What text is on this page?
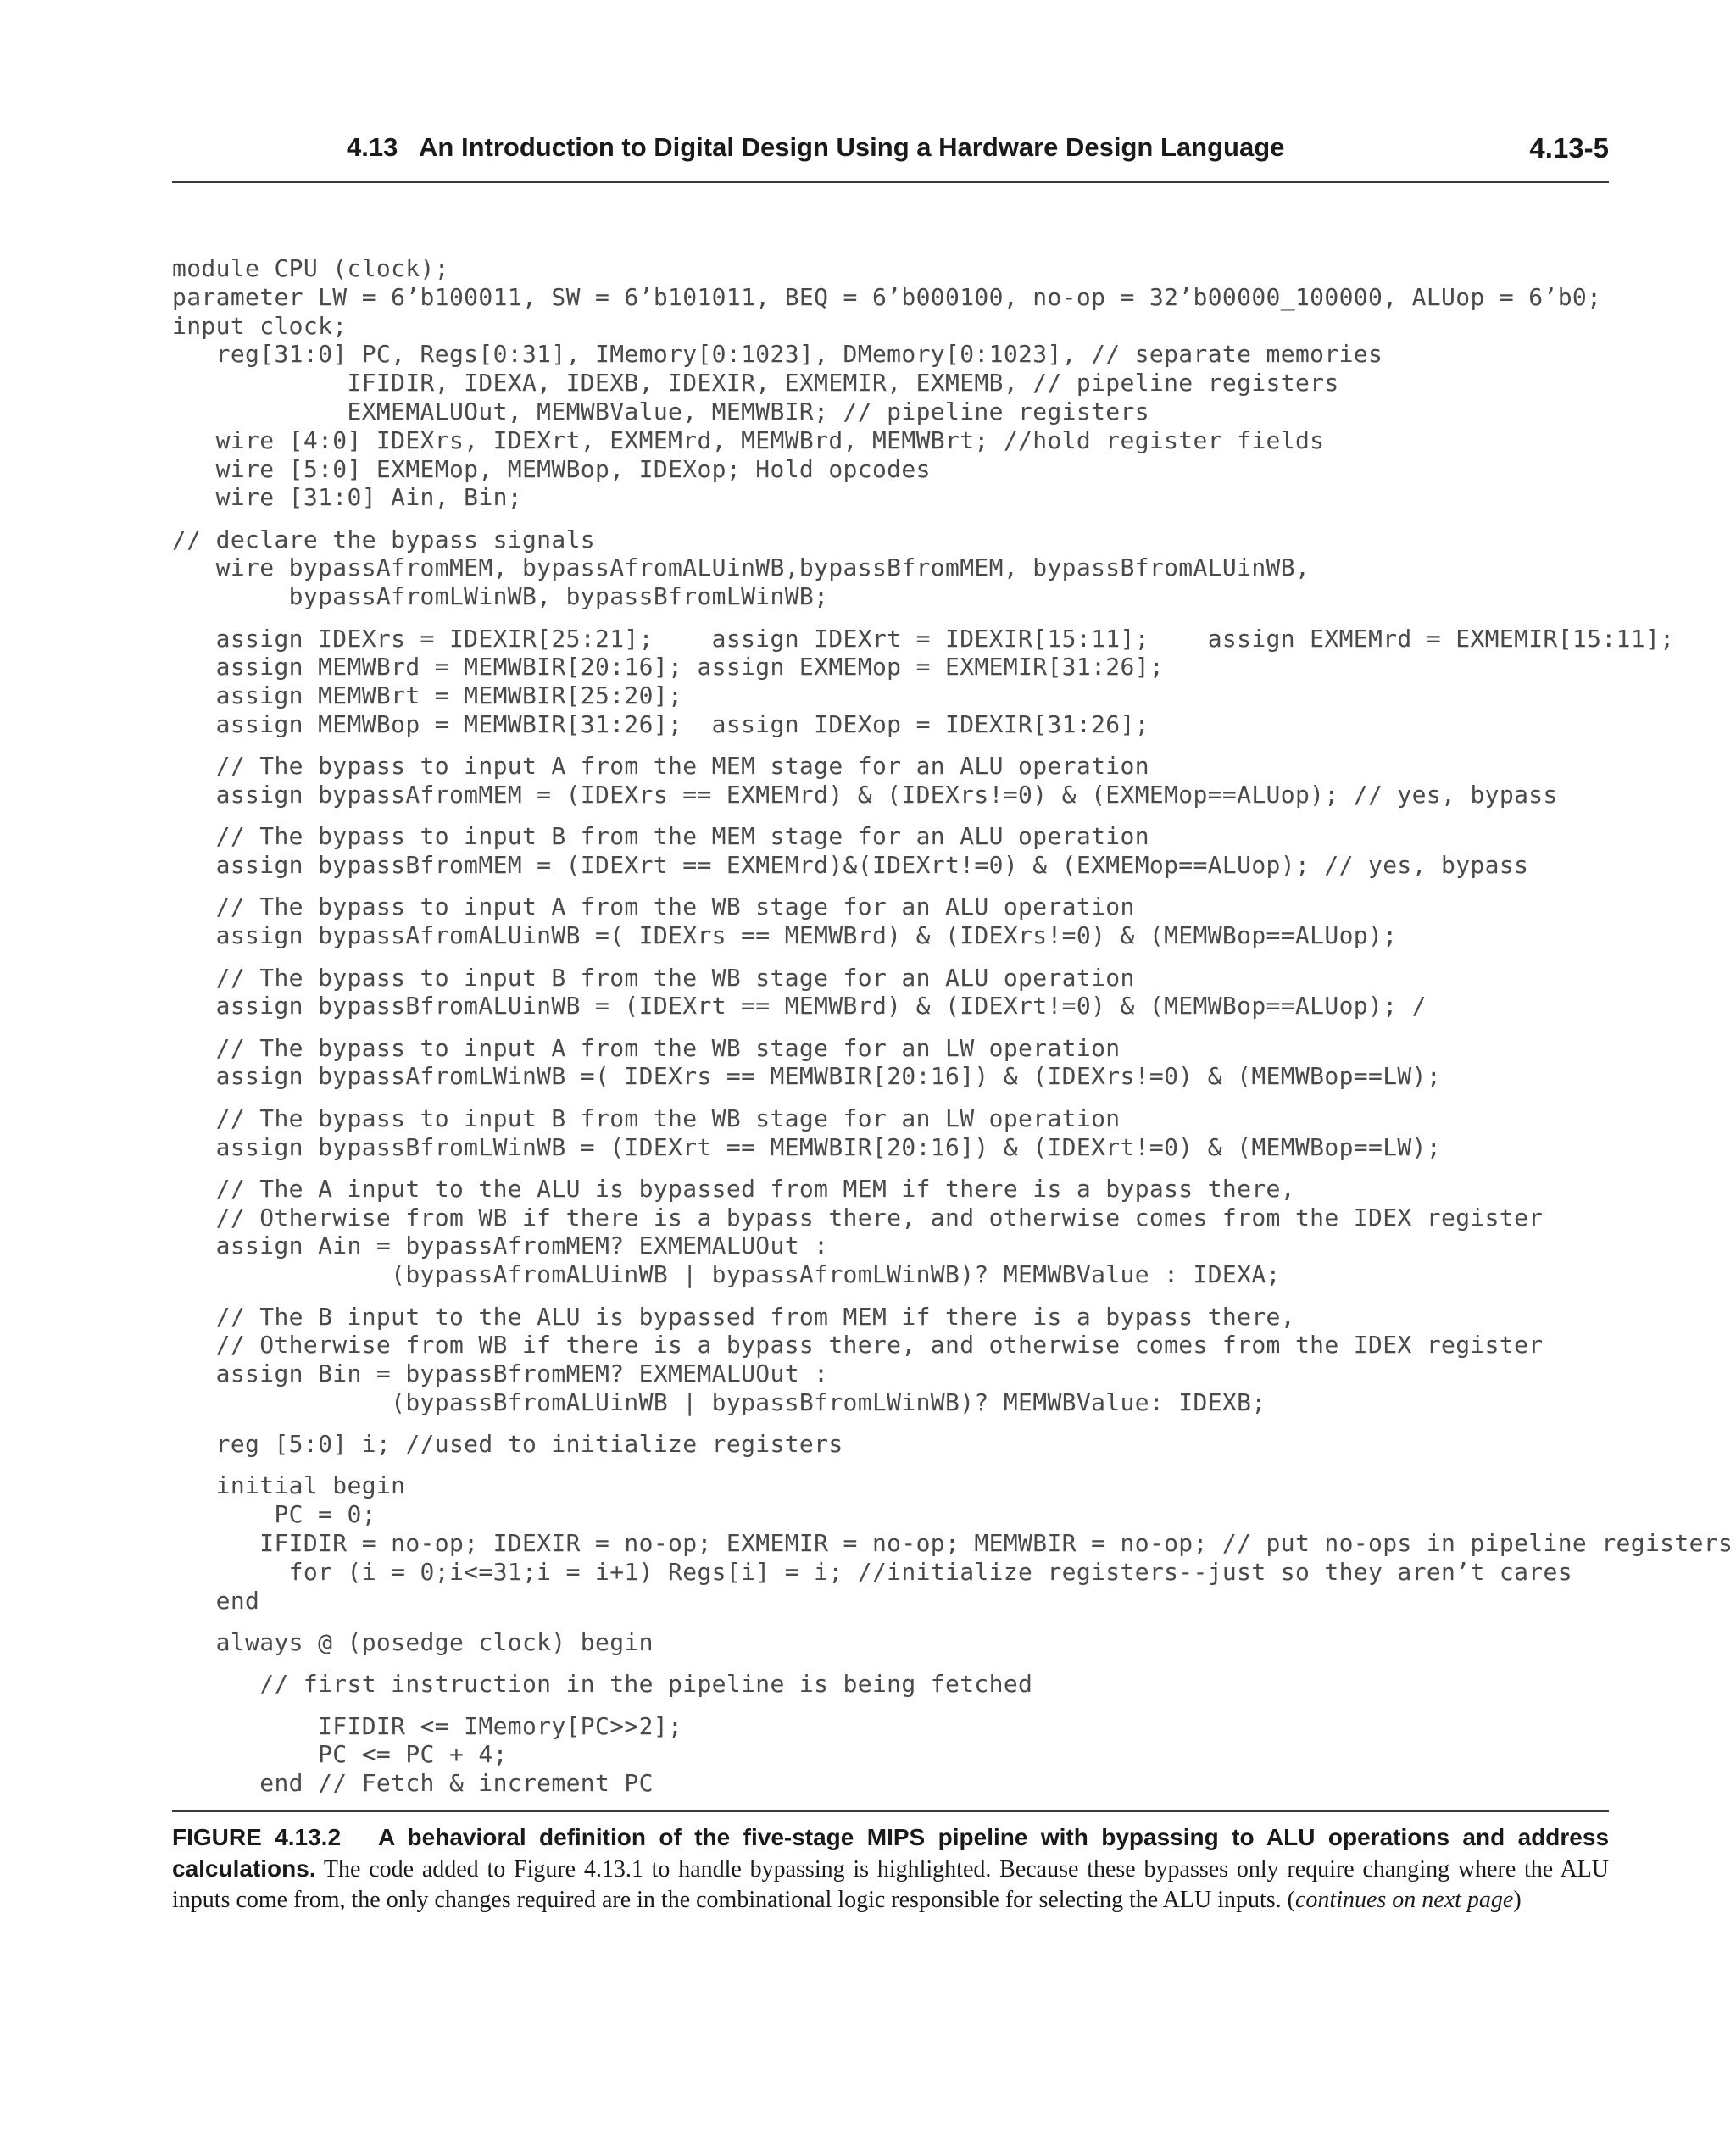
4.13   An Introduction to Digital Design Using a Hardware Design Language	4.13-5
module CPU (clock);
parameter LW = 6’b100011, SW = 6’b101011, BEQ = 6’b000100, no-op = 32’b00000_100000, ALUop = 6’b0;
input clock;
reg[31:0] PC, Regs[0:31], IMemory[0:1023], DMemory[0:1023], // separate memories
IFIDIR, IDEXA, IDEXB, IDEXIR, EXMEMIR, EXMEMB, // pipeline registers
EXMEMALUOut, MEMWBValue, MEMWBIR; // pipeline registers
wire [4:0] IDEXrs, IDEXrt, EXMEMrd, MEMWBrd, MEMWBrt; //hold register fields
wire [5:0] EXMEMop, MEMWBop, IDEXop; Hold opcodes
wire [31:0] Ain, Bin;
// declare the bypass signals
wire bypassAfromMEM, bypassAfromALUinWB,bypassBfromMEM, bypassBfromALUinWB,
bypassAfromLWinWB, bypassBfromLWinWB;
assign IDEXrs = IDEXIR[25:21];    assign IDEXrt = IDEXIR[15:11];    assign EXMEMrd = EXMEMIR[15:11];
assign MEMWBrd = MEMWBIR[20:16]; assign EXMEMop = EXMEMIR[31:26];
assign MEMWBrt = MEMWBIR[25:20];
assign MEMWBop = MEMWBIR[31:26];  assign IDEXop = IDEXIR[31:26];
// The bypass to input A from the MEM stage for an ALU operation
assign bypassAfromMEM = (IDEXrs == EXMEMrd) & (IDEXrs!=0) & (EXMEMop==ALUop); // yes, bypass
// The bypass to input B from the MEM stage for an ALU operation
assign bypassBfromMEM = (IDEXrt == EXMEMrd)&(IDEXrt!=0) & (EXMEMop==ALUop); // yes, bypass
// The bypass to input A from the WB stage for an ALU operation
assign bypassAfromALUinWB =( IDEXrs == MEMWBrd) & (IDEXrs!=0) & (MEMWBop==ALUop);
// The bypass to input B from the WB stage for an ALU operation
assign bypassBfromALUinWB = (IDEXrt == MEMWBrd) & (IDEXrt!=0) & (MEMWBop==ALUop); /
// The bypass to input A from the WB stage for an LW operation
assign bypassAfromLWinWB =( IDEXrs == MEMWBIR[20:16]) & (IDEXrs!=0) & (MEMWBop==LW);
// The bypass to input B from the WB stage for an LW operation
assign bypassBfromLWinWB = (IDEXrt == MEMWBIR[20:16]) & (IDEXrt!=0) & (MEMWBop==LW);
// The A input to the ALU is bypassed from MEM if there is a bypass there,
// Otherwise from WB if there is a bypass there, and otherwise comes from the IDEX register
assign Ain = bypassAfromMEM? EXMEMALUOut :
(bypassAfromALUinWB | bypassAfromLWinWB)? MEMWBValue : IDEXA;
// The B input to the ALU is bypassed from MEM if there is a bypass there,
// Otherwise from WB if there is a bypass there, and otherwise comes from the IDEX register
assign Bin = bypassBfromMEM? EXMEMALUOut :
(bypassBfromALUinWB | bypassBfromLWinWB)? MEMWBValue: IDEXB;
reg [5:0] i; //used to initialize registers
initial begin
PC = 0;
IFIDIR = no-op; IDEXIR = no-op; EXMEMIR = no-op; MEMWBIR = no-op; // put no-ops in pipeline registers
for (i = 0;i<=31;i = i+1) Regs[i] = i; //initialize registers--just so they aren’t cares
end
always @ (posedge clock) begin
// first instruction in the pipeline is being fetched
IFIDIR <= IMemory[PC>>2];
PC <= PC + 4;
end // Fetch & increment PC
FIGURE 4.13.2 A behavioral definition of the five-stage MIPS pipeline with bypassing to ALU operations and address calculations. The code added to Figure 4.13.1 to handle bypassing is highlighted. Because these bypasses only require changing where the ALU inputs come from, the only changes required are in the combinational logic responsible for selecting the ALU inputs. (continues on next page)
